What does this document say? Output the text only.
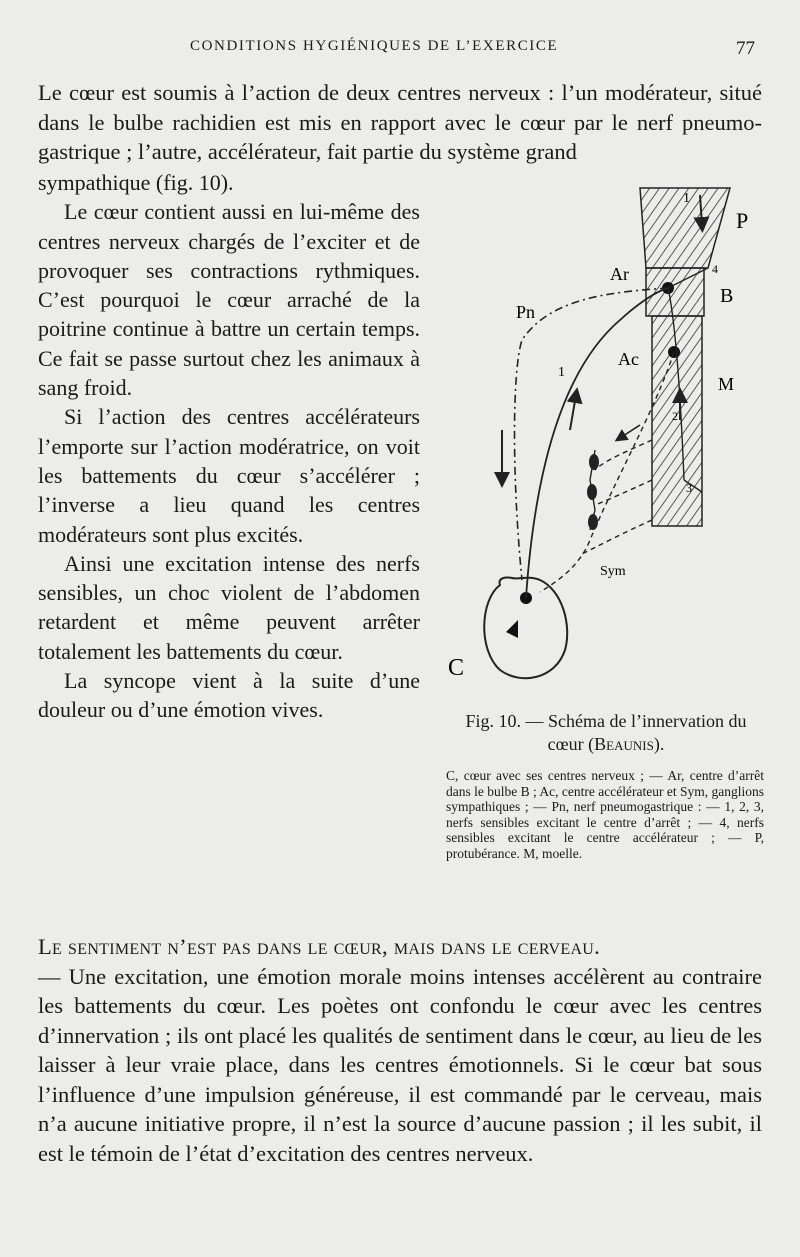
CONDITIONS HYGIÉNIQUES DE L’EXERCICE	77

Le cœur est soumis à l’action de deux centres nerveux : l’un modérateur, situé dans le bulbe rachidien est mis en rapport avec le cœur par le nerf pneumo-gastrique ; l’autre, accélérateur, fait partie du système grand

sympathique (fig. 10).

Le cœur contient aussi en lui-même des centres nerveux chargés de l’exciter et de provoquer ses contractions rythmiques. C’est pourquoi le cœur arraché de la poitrine continue à battre un certain temps. Ce fait se passe surtout chez les animaux à sang froid.

Si l’action des centres accélérateurs l’emporte sur l’action modératrice, on voit les battements du cœur s’accélérer ; l’inverse a lieu quand les centres modérateurs sont plus excités.

Ainsi une excitation intense des nerfs sensibles, un choc violent de l’abdomen retardent et même peuvent arrêter totalement les battements du cœur.

La syncope vient à la suite d’une douleur ou d’une émotion vives.

P
B
M
Ar
Ac
Pn
C
Sym
1
1
2
3
4
Fig. 10. — Schéma de l’innervation du cœur (Beaunis).
C, cœur avec ses centres nerveux ; — Ar, centre d’arrêt dans le bulbe B ; Ac, centre accélérateur et Sym, ganglions sympathiques ; — Pn, nerf pneumogastrique : — 1, 2, 3, nerfs sensibles excitant le centre d’arrêt ; — 4, nerfs sensibles excitant le centre accélérateur ; — P, protubérance. M, moelle.

Le sentiment n’est pas dans le cœur, mais dans le cerveau.

— Une excitation, une émotion morale moins intenses accélèrent au contraire les battements du cœur. Les poètes ont confondu le cœur avec les centres d’innervation ; ils ont placé les qualités de sentiment dans le cœur, au lieu de les laisser à leur vraie place, dans les centres émotionnels. Si le cœur bat sous l’influence d’une impulsion généreuse, il est commandé par le cerveau, mais n’a aucune initiative propre, il n’est la source d’aucune passion ; il les subit, il est le témoin de l’état d’excitation des centres nerveux.
